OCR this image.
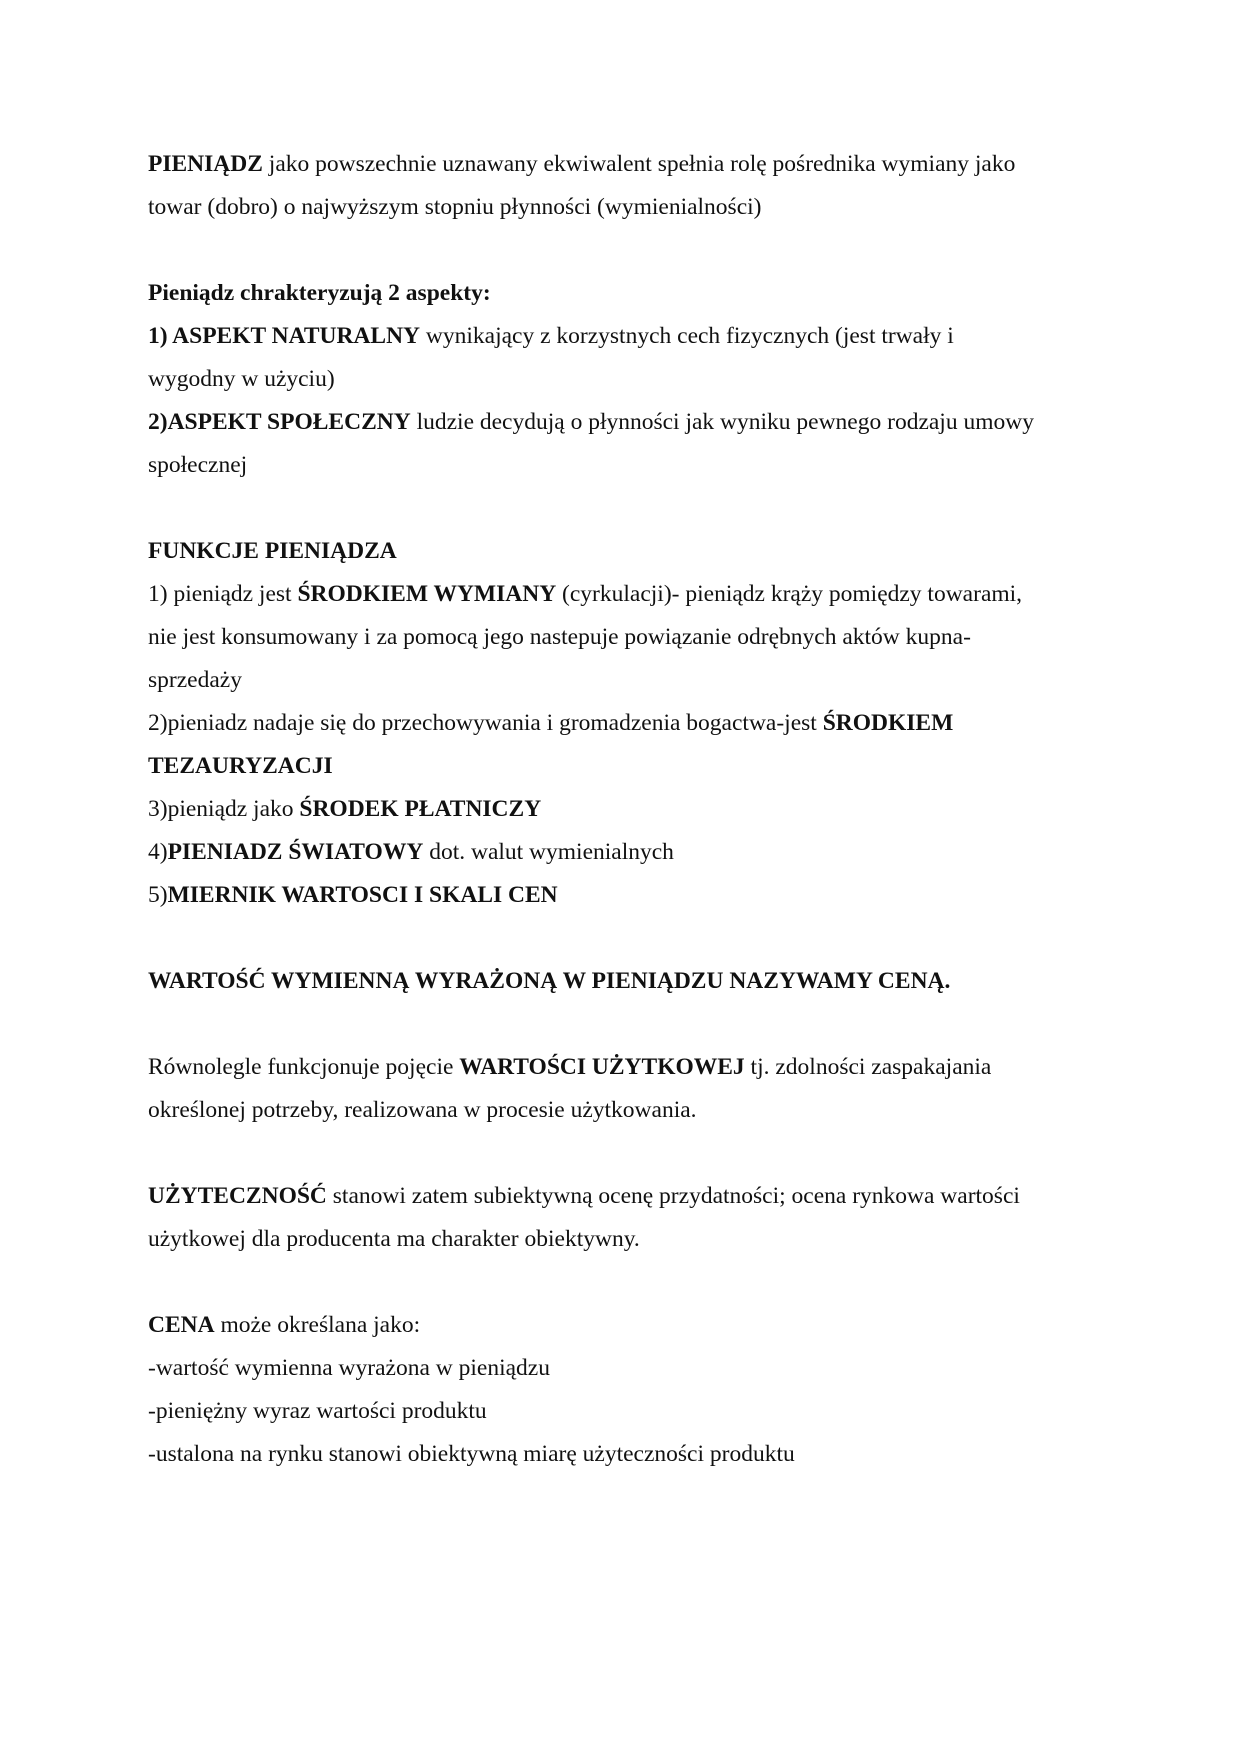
PIENIĄDZ jako powszechnie uznawany ekwiwalent spełnia rolę pośrednika wymiany jako

towar (dobro) o najwyższym stopniu płynności (wymienialności)

Pieniądz chrakteryzują 2 aspekty:

1) ASPEKT NATURALNY wynikający z korzystnych cech fizycznych (jest trwały i

wygodny w użyciu)

2)ASPEKT SPOŁECZNY ludzie decydują o płynności jak wyniku pewnego rodzaju umowy

społecznej

FUNKCJE PIENIĄDZA

1) pieniądz jest ŚRODKIEM WYMIANY (cyrkulacji)- pieniądz krąży pomiędzy towarami,

nie jest konsumowany i za pomocą jego nastepuje powiązanie odrębnych aktów kupna-

sprzedaży

2)pieniadz nadaje się do przechowywania i gromadzenia bogactwa-jest ŚRODKIEM

TEZAURYZACJI

3)pieniądz jako ŚRODEK PŁATNICZY

4)PIENIADZ ŚWIATOWY dot. walut wymienialnych

5)MIERNIK WARTOSCI I SKALI CEN

WARTOŚĆ WYMIENNĄ WYRAŻONĄ W PIENIĄDZU NAZYWAMY CENĄ.

Równolegle funkcjonuje pojęcie WARTOŚCI UŻYTKOWEJ tj. zdolności zaspakajania

określonej potrzeby, realizowana w procesie użytkowania.

UŻYTECZNOŚĆ stanowi zatem subiektywną ocenę przydatności; ocena rynkowa wartości

użytkowej dla producenta ma charakter obiektywny.

CENA może określana jako:

-wartość wymienna wyrażona w pieniądzu

-pieniężny wyraz wartości produktu

-ustalona na rynku stanowi obiektywną miarę użyteczności produktu
